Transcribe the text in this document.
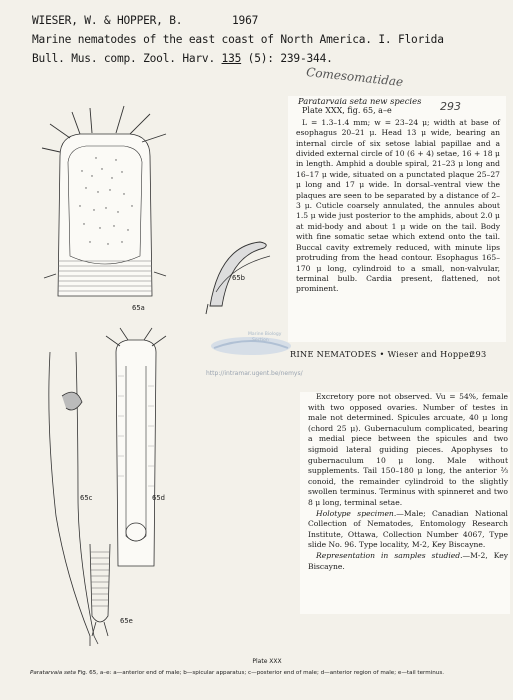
WIESER, W. & HOPPER, B.	1967
Marine nematodes of the east coast of North America. I. Florida
Bull. Mus. comp. Zool. Harv. 135 (5): 239-344.
Comesomatidae
65a
65b
65c	65d
65e
Paratarvaia seta new species
Plate XXX, fig. 65, a–e
L = 1.3–1.4 mm; w = 23–24 μ; width at base of esophagus 20–21 μ. Head 13 μ wide, bearing an internal circle of six setose labial papillae and a divided external circle of 10 (6 + 4) setae, 16 + 18 μ in length. Amphid a double spiral, 21–23 μ long and 16–17 μ wide, situated on a punctated plaque 25–27 μ long and 17 μ wide. In dorsal–ventral view the plaques are seen to be separated by a distance of 2–3 μ. Cuticle coarsely annulated, the annules about 1.5 μ wide just posterior to the amphids, about 2.0 μ at mid-body and about 1 μ wide on the tail. Body with fine somatic setae which extend onto the tail. Buccal cavity extremely reduced, with minute lips protruding from the head contour. Esophagus 165–170 μ long, cylindroid to a small, non-valvular, terminal bulb. Cardia present, flattened, not prominent.
293
Marine Biology
Section
RINE NEMATODES • Wieser and Hopper
293
http://intramar.ugent.be/nemys/
Excretory pore not observed. Vu = 54%, female with two opposed ovaries. Number of testes in male not determined. Spicules arcuate, 40 μ long (chord 25 μ). Gubernaculum complicated, bearing a medial piece between the spicules and two sigmoid lateral guiding pieces. Apophyses to gubernaculum 10 μ long. Male without supplements. Tail 150–180 μ long, the anterior ²⁄₃ conoid, the remainder cylindroid to the slightly swollen terminus. Terminus with spinneret and two 8 μ long, terminal setae.
Holotype specimen.—Male; Canadian National Collection of Nematodes, Entomology Research Institute, Ottawa, Collection Number 4067, Type slide No. 96. Type locality, M-2, Key Biscayne.
Representation in samples studied.—M-2, Key Biscayne.
Plate XXX
Paratarvaia seta Fig. 65, a–e: a—anterior end of male; b—spicular apparatus; c—posterior end of male; d—anterior region of male; e—tail terminus.
